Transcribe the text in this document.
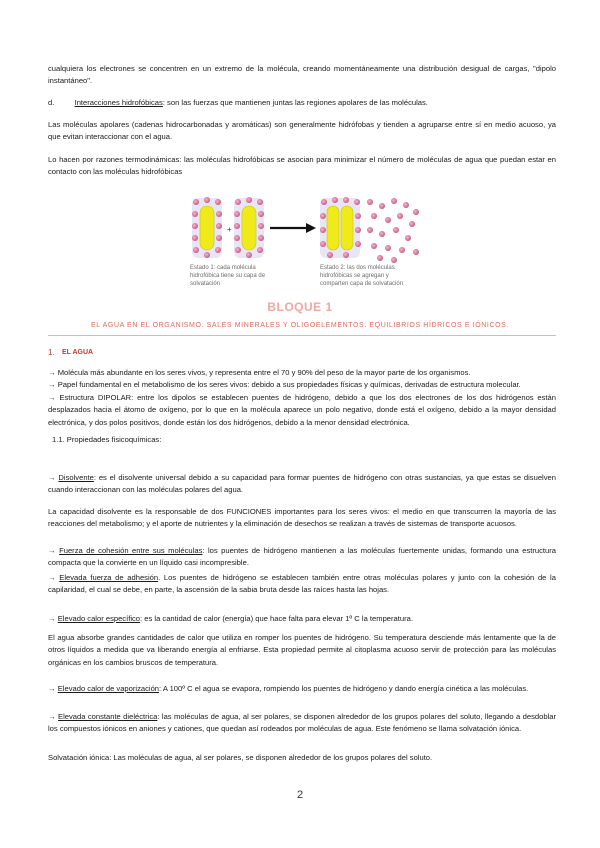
cualquiera los electrones se concentren en un extremo de la molécula, creando momentáneamente una distribución desigual de cargas, "dipolo instantáneo".
d.	Interacciones hidrofóbicas: son las fuerzas que mantienen juntas las regiones apolares de las moléculas.
Las moléculas apolares (cadenas hidrocarbonadas y aromáticas) son generalmente hidrófobas y tienden a agruparse entre sí en medio acuoso, ya que evitan interaccionar con el agua.
Lo hacen por razones termodinámicas: las moléculas hidrofóbicas se asocian para minimizar el número de moléculas de agua que puedan estar en contacto con las moléculas hidrofóbicas
+
Estado 1: cada molécula hidrofóbica tiene su capa de solvatación
Estado 2: las dos moléculas hidrofóbicas se agregan y comparten capa de solvatación
BLOQUE 1
EL AGUA EN EL ORGANISMO. SALES MINERALES Y OLIGOELEMENTOS. EQUILIBRIOS HÍDRICOS E IÓNICOS.
1. EL AGUA
→ Molécula más abundante en los seres vivos, y representa entre el 70 y 90% del peso de la mayor parte de los organismos.
→ Papel fundamental en el metabolismo de los seres vivos: debido a sus propiedades físicas y químicas, derivadas de estructura molecular.
→ Estructura DIPOLAR: entre los dipolos se establecen puentes de hidrógeno, debido a que los dos electrones de los dos hidrógenos están desplazados hacia el átomo de oxígeno, por lo que en la molécula aparece un polo negativo, donde está el oxígeno, debido a la mayor densidad electrónica, y dos polos positivos, donde están los dos hidrógenos, debido a la menor densidad electrónica.
1.1. Propiedades fisicoquímicas:
→ Disolvente: es el disolvente universal debido a su capacidad para formar puentes de hidrógeno con otras sustancias, ya que estas se disuelven cuando interaccionan con las moléculas polares del agua.
La capacidad disolvente es la responsable de dos FUNCIONES importantes para los seres vivos: el medio en que transcurren la mayoría de las reacciones del metabolismo; y el aporte de nutrientes y la eliminación de desechos se realizan a través de sistemas de transporte acuosos.
→ Fuerza de cohesión entre sus moléculas: los puentes de hidrógeno mantienen a las moléculas fuertemente unidas, formando una estructura compacta que la convierte en un líquido casi incompresible.
→ Elevada fuerza de adhesión. Los puentes de hidrógeno se establecen también entre otras moléculas polares y junto con la cohesión de la capilaridad, el cual se debe, en parte, la ascensión de la sabia bruta desde las raíces hasta las hojas.
→ Elevado calor específico: es la cantidad de calor (energía) que hace falta para elevar 1º C la temperatura.
El agua absorbe grandes cantidades de calor que utiliza en romper los puentes de hidrógeno. Su temperatura desciende más lentamente que la de otros líquidos a medida que va liberando energía al enfriarse. Esta propiedad permite al citoplasma acuoso servir de protección para las moléculas orgánicas en los cambios bruscos de temperatura.
→ Elevado calor de vaporización: A 100º C el agua se evapora, rompiendo los puentes de hidrógeno y dando energía cinética a las moléculas.
→ Elevada constante dieléctrica: las moléculas de agua, al ser polares, se disponen alrededor de los grupos polares del soluto, llegando a desdoblar los compuestos iónicos en aniones y cationes, que quedan así rodeados por moléculas de agua. Este fenómeno se llama solvatación iónica.
Solvatación iónica: Las moléculas de agua, al ser polares, se disponen alrededor de los grupos polares del soluto.
2
